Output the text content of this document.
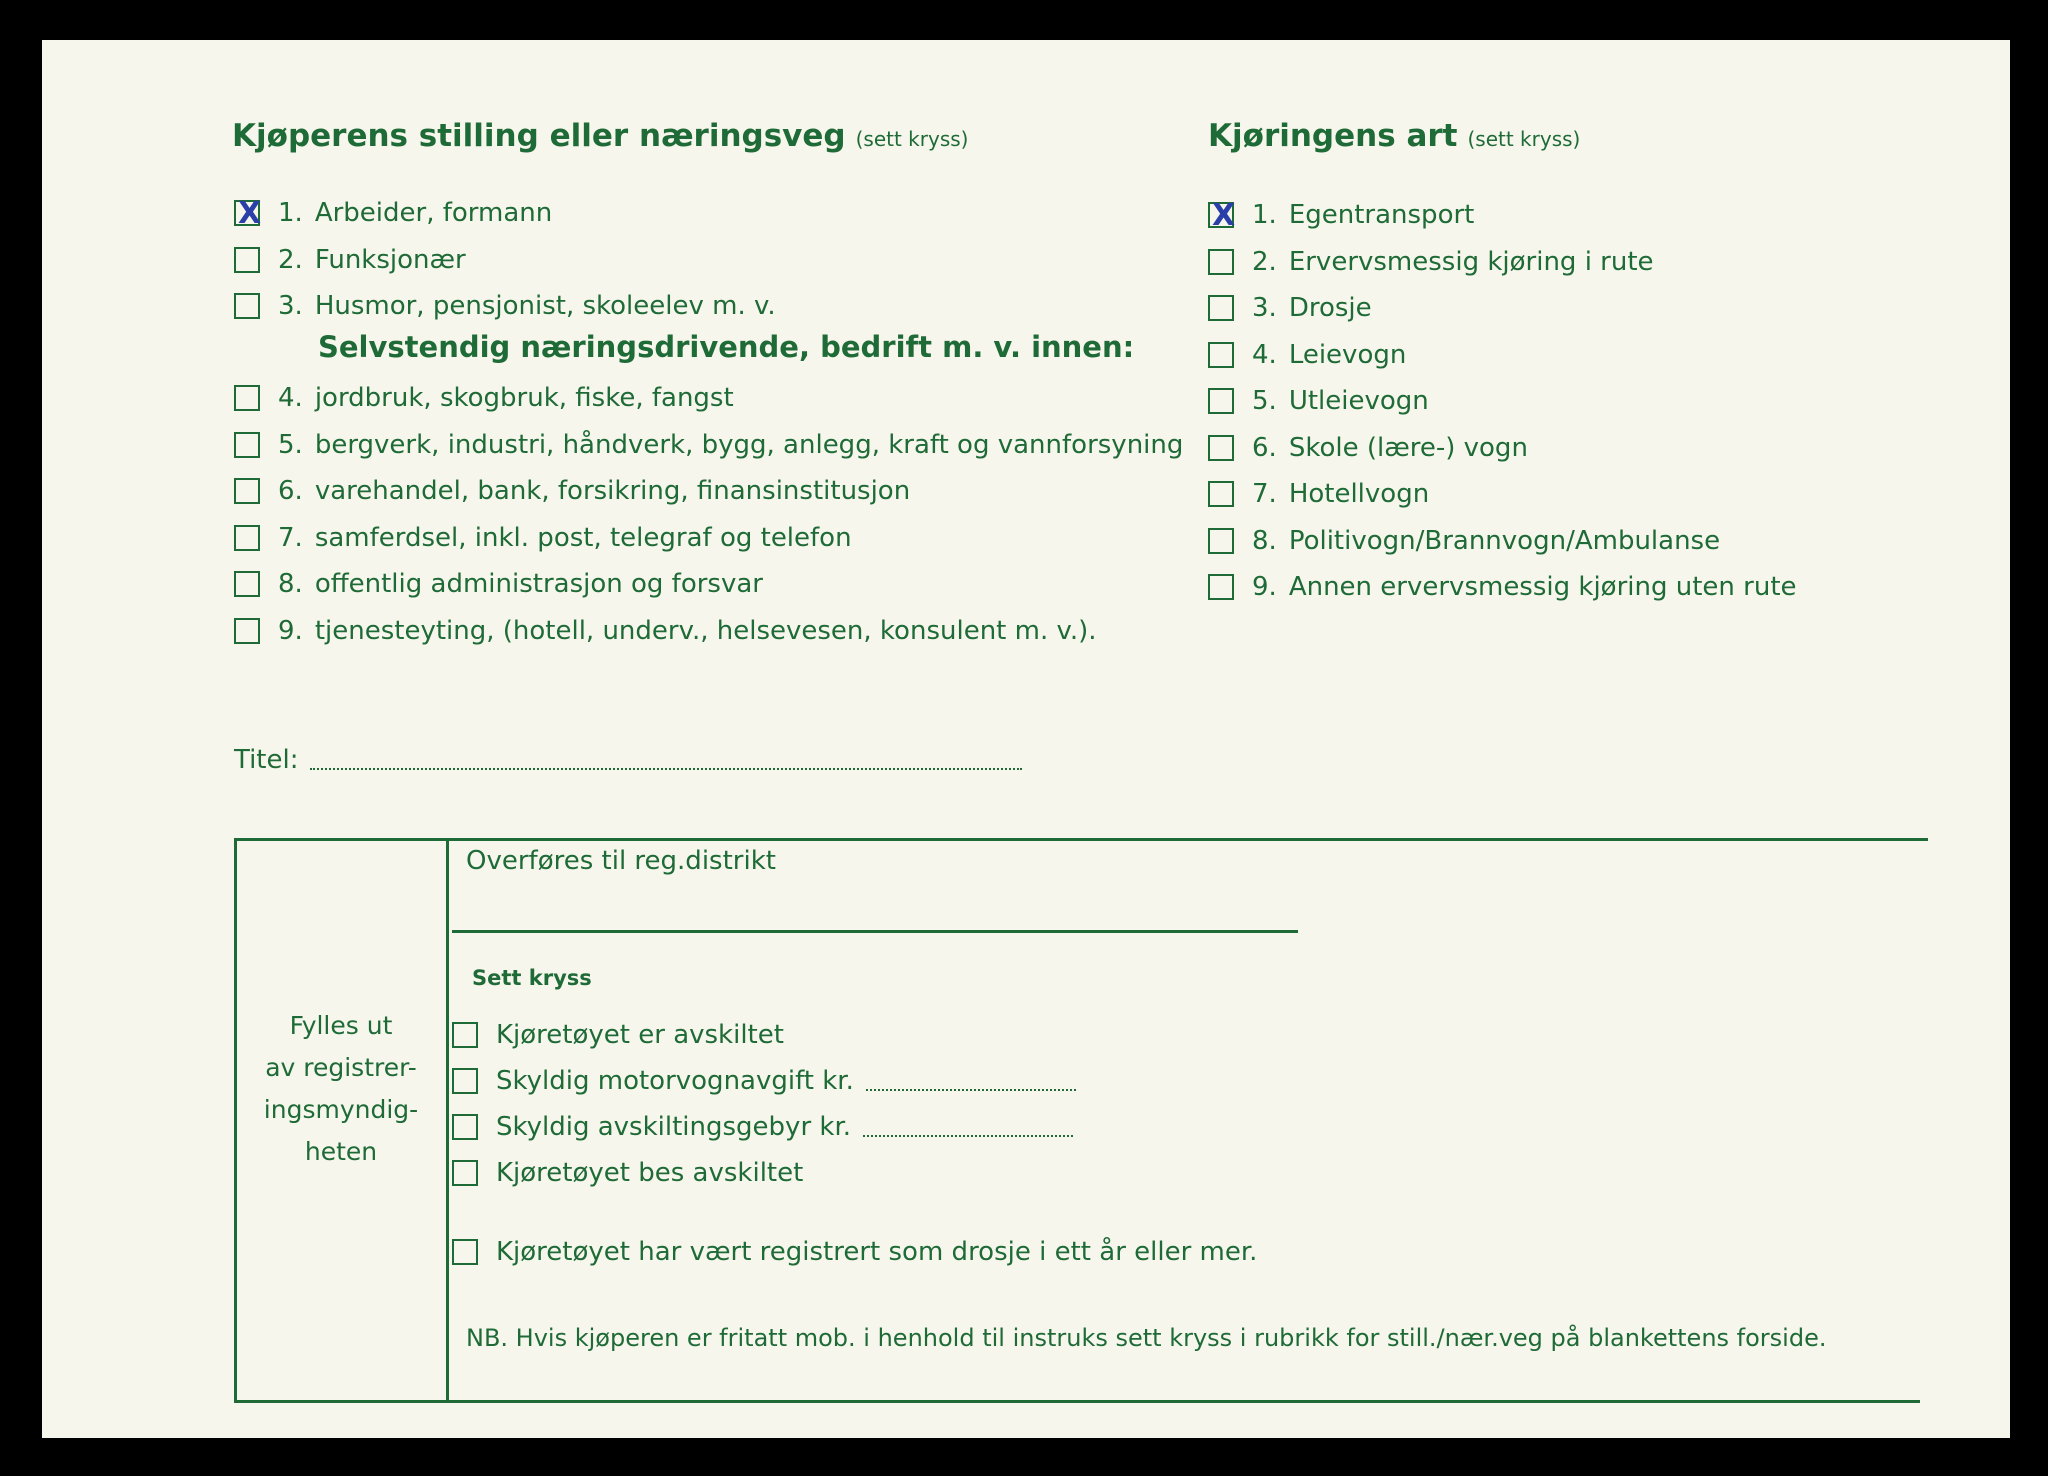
Kjøperens stilling eller næringsveg (sett kryss)
X
1. Arbeider, formann
2. Funksjonær
3. Husmor, pensjonist, skoleelev m. v.
Selvstendig næringsdrivende, bedrift m. v. innen:
4. jordbruk, skogbruk, fiske, fangst
5. bergverk, industri, håndverk, bygg, anlegg, kraft og vannforsyning
6. varehandel, bank, forsikring, finansinstitusjon
7. samferdsel, inkl. post, telegraf og telefon
8. offentlig administrasjon og forsvar
9. tjenesteyting, (hotell, underv., helsevesen, konsulent m. v.).
Kjøringens art (sett kryss)
X
1. Egentransport
2. Ervervsmessig kjøring i rute
3. Drosje
4. Leievogn
5. Utleievogn
6. Skole (lære-) vogn
7. Hotellvogn
8. Politivogn/Brannvogn/Ambulanse
9. Annen ervervsmessig kjøring uten rute
Titel:
Fylles ut
av registrer-
ingsmyndig-
heten
Overføres til reg.distrikt
Sett kryss
Kjøretøyet er avskiltet
Skyldig motorvognavgift kr.
Skyldig avskiltingsgebyr kr.
Kjøretøyet bes avskiltet
Kjøretøyet har vært registrert som drosje i ett år eller mer.
NB. Hvis kjøperen er fritatt mob. i henhold til instruks sett kryss i rubrikk for still./nær.veg på blankettens forside.
